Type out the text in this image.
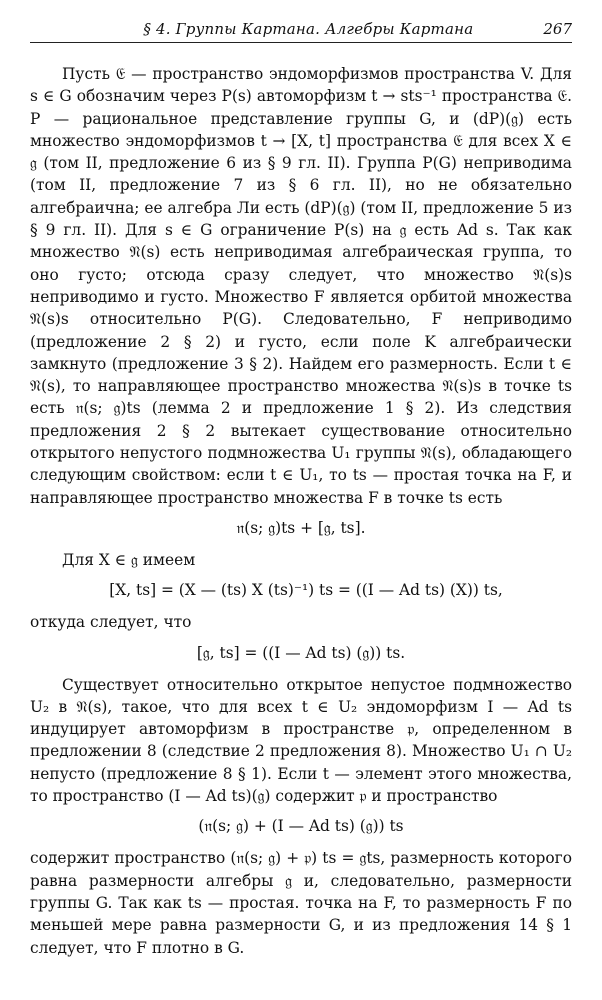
§ 4. Группы Картана. Алгебры Картана	267

Пусть 𝔈 — пространство эндоморфизмов пространства V. Для s ∈ G обозначим через P(s) автоморфизм t → sts⁻¹ пространства 𝔈. P — рациональное представление группы G, и (dP)(𝔤) есть множество эндоморфизмов t → [X, t] пространства 𝔈 для всех X ∈ 𝔤 (том II, предложение 6 из § 9 гл. II). Группа P(G) неприводима (том II, предложение 7 из § 6 гл. II), но не обязательно алгебраична; ее алгебра Ли есть (dP)(𝔤) (том II, предложение 5 из § 9 гл. II). Для s ∈ G ограничение P(s) на 𝔤 есть Ad s. Так как множество 𝔑(s) есть неприводимая алгебраическая группа, то оно густо; отсюда сразу следует, что множество 𝔑(s)s неприводимо и густо. Множество F является орбитой множества 𝔑(s)s относительно P(G). Следовательно, F неприводимо (предложение 2 § 2) и густо, если поле K алгебраически замкнуто (предложение 3 § 2). Найдем его размерность. Если t ∈ 𝔑(s), то направляющее пространство множества 𝔑(s)s в точке ts есть 𝔫(s; 𝔤)ts (лемма 2 и предложение 1 § 2). Из следствия предложения 2 § 2 вытекает существование относительно открытого непустого подмножества U₁ группы 𝔑(s), обладающего следующим свойством: если t ∈ U₁, то ts — простая точка на F, и направляющее пространство множества F в точке ts есть

𝔫(s; 𝔤)ts + [𝔤, ts].

Для X ∈ 𝔤 имеем

[X, ts] = (X — (ts) X (ts)⁻¹) ts = ((I — Ad ts) (X)) ts,

откуда следует, что

[𝔤, ts] = ((I — Ad ts) (𝔤)) ts.

Существует относительно открытое непустое подмножество U₂ в 𝔑(s), такое, что для всех t ∈ U₂ эндоморфизм I — Ad ts индуцирует автоморфизм в пространстве 𝔭, определенном в предложении 8 (следствие 2 предложения 8). Множество U₁ ∩ U₂ непусто (предложение 8 § 1). Если t — элемент этого множества, то пространство (I — Ad ts)(𝔤) содержит 𝔭 и пространство

(𝔫(s; 𝔤) + (I — Ad ts) (𝔤)) ts

содержит пространство (𝔫(s; 𝔤) + 𝔭) ts = 𝔤ts, размерность которого равна размерности алгебры 𝔤 и, следовательно, размерности группы G. Так как ts — простая. точка на F, то размерность F по меньшей мере равна размерности G, и из предложения 14 § 1 следует, что F плотно в G.
